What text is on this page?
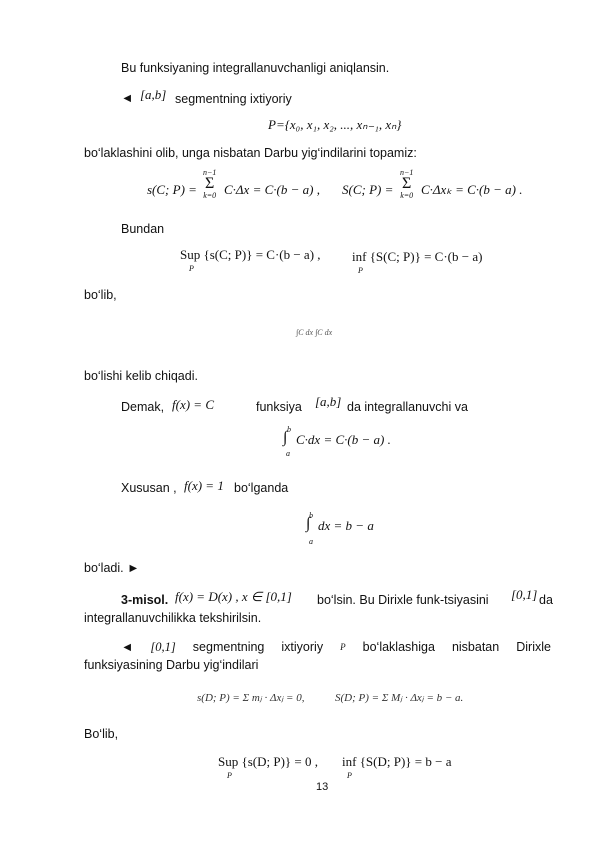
Bu funksiyaning integrallanuvchanligi aniqlansin.
◄ [a,b] segmentning ixtiyoriy
P={x₀, x₁, x₂, ..., xₙ₋₁, xₙ}
bo‘laklashini olib, unga nisbatan Darbu yig‘indilarini topamiz:
s(C; P) =
n−1
Σ
k=0 C·Δx = C·(b − a) , S(C; P) =
n−1
Σ
k=0 C·Δxₖ = C·(b − a) .
Bundan
Sup {s(C; P)} = C·(b − a) ,
P
inf {S(C; P)} = C·(b − a)
P
bo‘lib,
∫C dx ∫C dx
bo‘lishi kelib chiqadi.
Demak, f(x) = C	funksiya [a,b] da integrallanuvchi va
b
∫
a
C·dx = C·(b − a) .
Xususan , f(x) = 1 bo‘lganda
b
∫
a
dx = b − a
bo‘ladi. ►
3-misol. f(x) = D(x) , x ∈ [0,1] bo‘lsin. Bu Dirixle funk-tsiyasini [0,1] da
integrallanuvchilikka tekshirilsin.
◄ [0,1] segmentning ixtiyoriy P bo‘laklashiga nisbatan Dirixle
funksiyasining Darbu yig‘indilari
s(D; P) = Σ mⱼ · Δxⱼ = 0,	S(D; P) = Σ Mⱼ · Δxⱼ = b − a.
Bo‘lib,
Sup {s(D; P)} = 0 ,
P
inf {S(D; P)} = b − a
P
13
